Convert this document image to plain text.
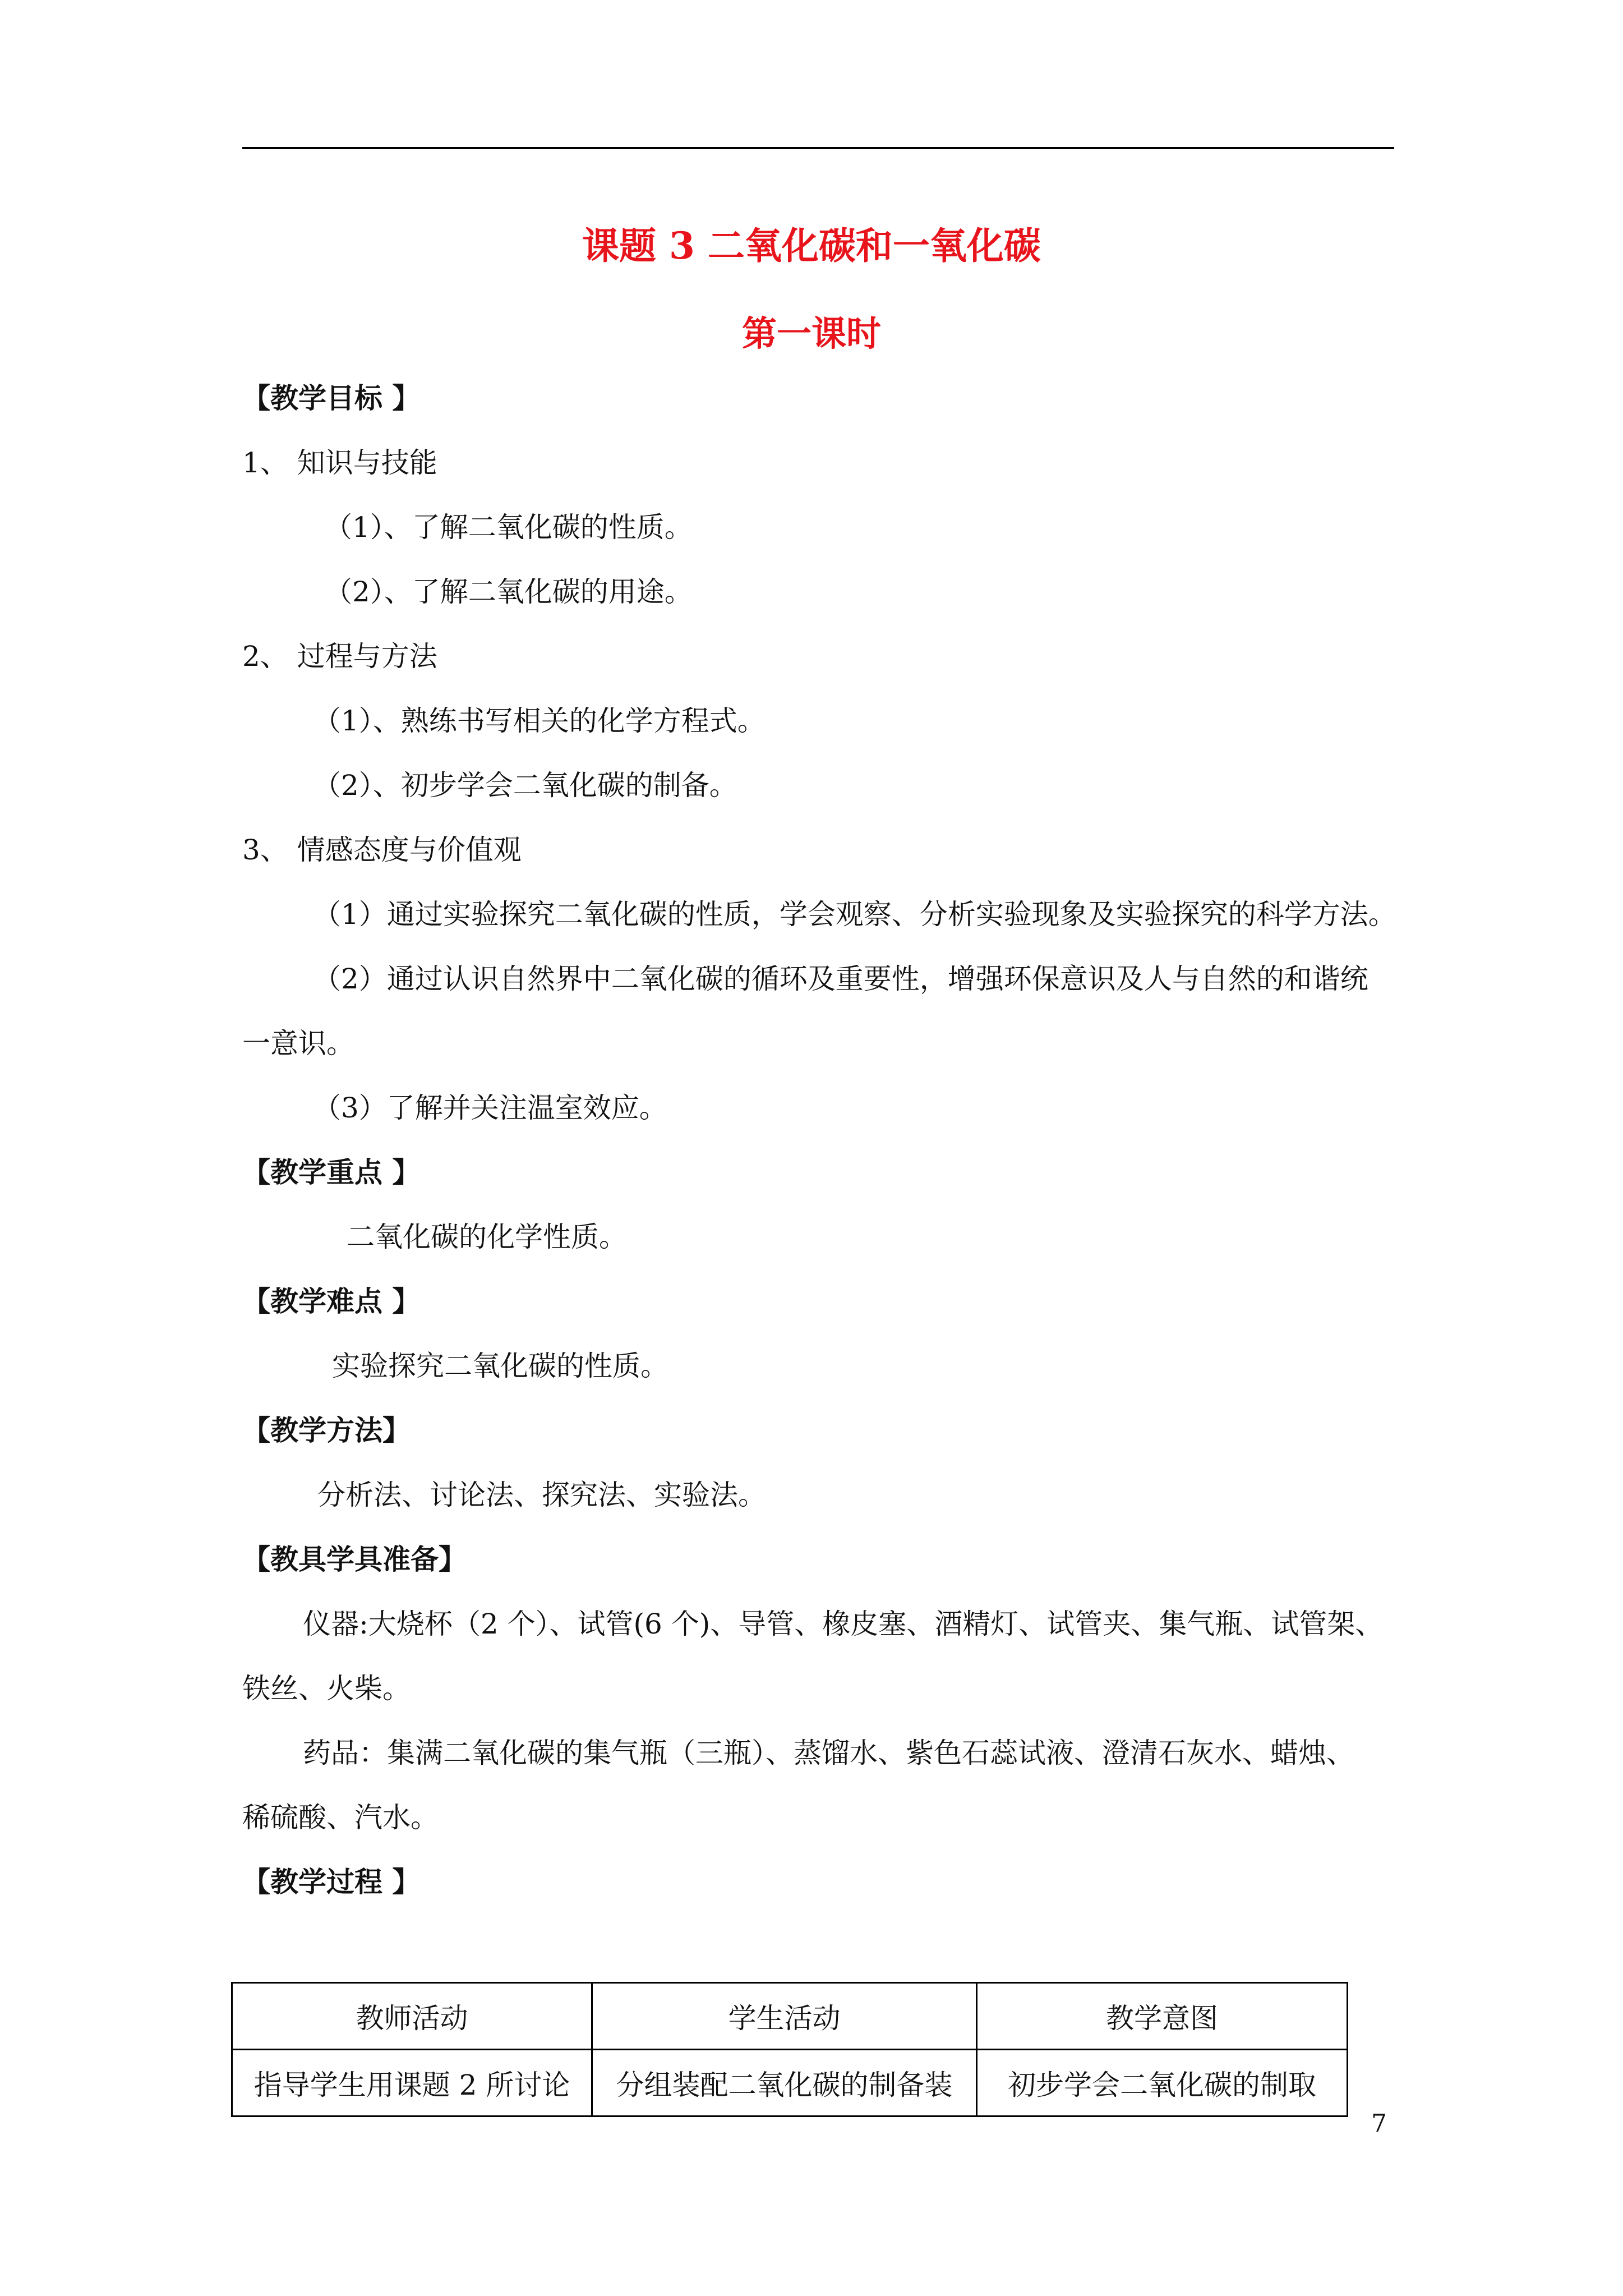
课题 3 二氧化碳和一氧化碳
第一课时
【教学目标 】
1、 知识与技能
（1）、了解二氧化碳的性质。
（2）、了解二氧化碳的用途。
2、 过程与方法
（1）、熟练书写相关的化学方程式。
（2）、初步学会二氧化碳的制备。
3、 情感态度与价值观
（1）通过实验探究二氧化碳的性质，学会观察、分析实验现象及实验探究的科学方法。
（2）通过认识自然界中二氧化碳的循环及重要性，增强环保意识及人与自然的和谐统
一意识。
（3）了解并关注温室效应。
【教学重点 】
二氧化碳的化学性质。
【教学难点 】
实验探究二氧化碳的性质。
【教学方法】
分析法、讨论法、探究法、实验法。
【教具学具准备】
仪器:大烧杯（2 个）、试管(6 个)、导管、橡皮塞、酒精灯、试管夹、集气瓶、试管架、
铁丝、火柴。
药品：集满二氧化碳的集气瓶（三瓶）、蒸馏水、紫色石蕊试液、澄清石灰水、蜡烛、
稀硫酸、汽水。
【教学过程 】
教师活动	学生活动	教学意图
指导学生用课题 2 所讨论	分组装配二氧化碳的制备装	初步学会二氧化碳的制取
7
